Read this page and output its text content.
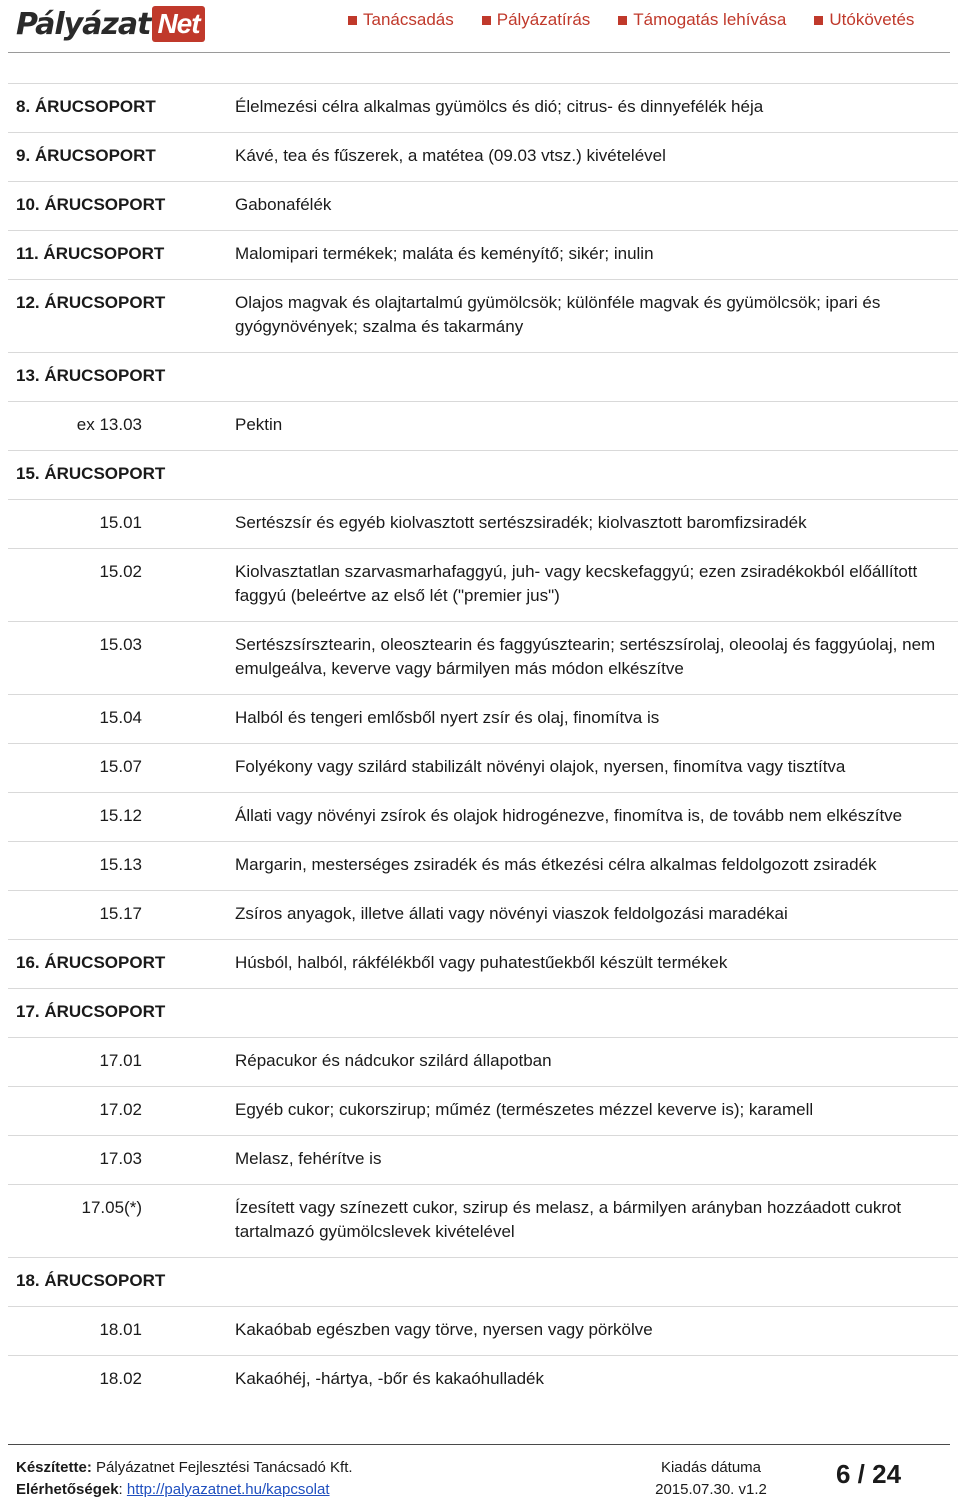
Pályázat Net	Tanácsadás	Pályázatírás	Támogatás lehívása	Utókövetés
8. ÁRUCSOPORT	Élelmezési célra alkalmas gyümölcs és dió; citrus- és dinnyefélék héja
9. ÁRUCSOPORT	Kávé, tea és fűszerek, a matétea (09.03 vtsz.) kivételével
10. ÁRUCSOPORT	Gabonafélék
11. ÁRUCSOPORT	Malomipari termékek; maláta és keményítő; sikér; inulin
12. ÁRUCSOPORT	Olajos magvak és olajtartalmú gyümölcsök; különféle magvak és gyümölcsök; ipari és gyógynövények; szalma és takarmány
13. ÁRUCSOPORT
ex 13.03	Pektin
15. ÁRUCSOPORT
15.01	Sertészsír és egyéb kiolvasztott sertészsiradék; kiolvasztott baromfizsiradék
15.02	Kiolvasztatlan szarvasmarhafaggyú, juh- vagy kecskefaggyú; ezen zsiradékokból előállított faggyú (beleértve az első lét ("premier jus")
15.03	Sertészsírsztearin, oleosztearin és faggyúsztearin; sertészsírolaj, oleoolaj és faggyúolaj, nem emulgeálva, keverve vagy bármilyen más módon elkészítve
15.04	Halból és tengeri emlősből nyert zsír és olaj, finomítva is
15.07	Folyékony vagy szilárd stabilizált növényi olajok, nyersen, finomítva vagy tisztítva
15.12	Állati vagy növényi zsírok és olajok hidrogénezve, finomítva is, de tovább nem elkészítve
15.13	Margarin, mesterséges zsiradék és más étkezési célra alkalmas feldolgozott zsiradék
15.17	Zsíros anyagok, illetve állati vagy növényi viaszok feldolgozási maradékai
16. ÁRUCSOPORT	Húsból, halból, rákfélékből vagy puhatestűekből készült termékek
17. ÁRUCSOPORT
17.01	Répacukor és nádcukor szilárd állapotban
17.02	Egyéb cukor; cukorszirup; műméz (természetes mézzel keverve is); karamell
17.03	Melasz, fehérítve is
17.05(*)	Ízesített vagy színezett cukor, szirup és melasz, a bármilyen arányban hozzáadott cukrot tartalmazó gyümölcslevek kivételével
18. ÁRUCSOPORT
18.01	Kakaóbab egészben vagy törve, nyersen vagy pörkölve
18.02	Kakaóhéj, -hártya, -bőr és kakaóhulladék
Készítette: Pályázatnet Fejlesztési Tanácsadó Kft.
Elérhetőségek: http://palyazatnet.hu/kapcsolat
Kiadás dátuma
2015.07.30. v1.2
6 / 24
